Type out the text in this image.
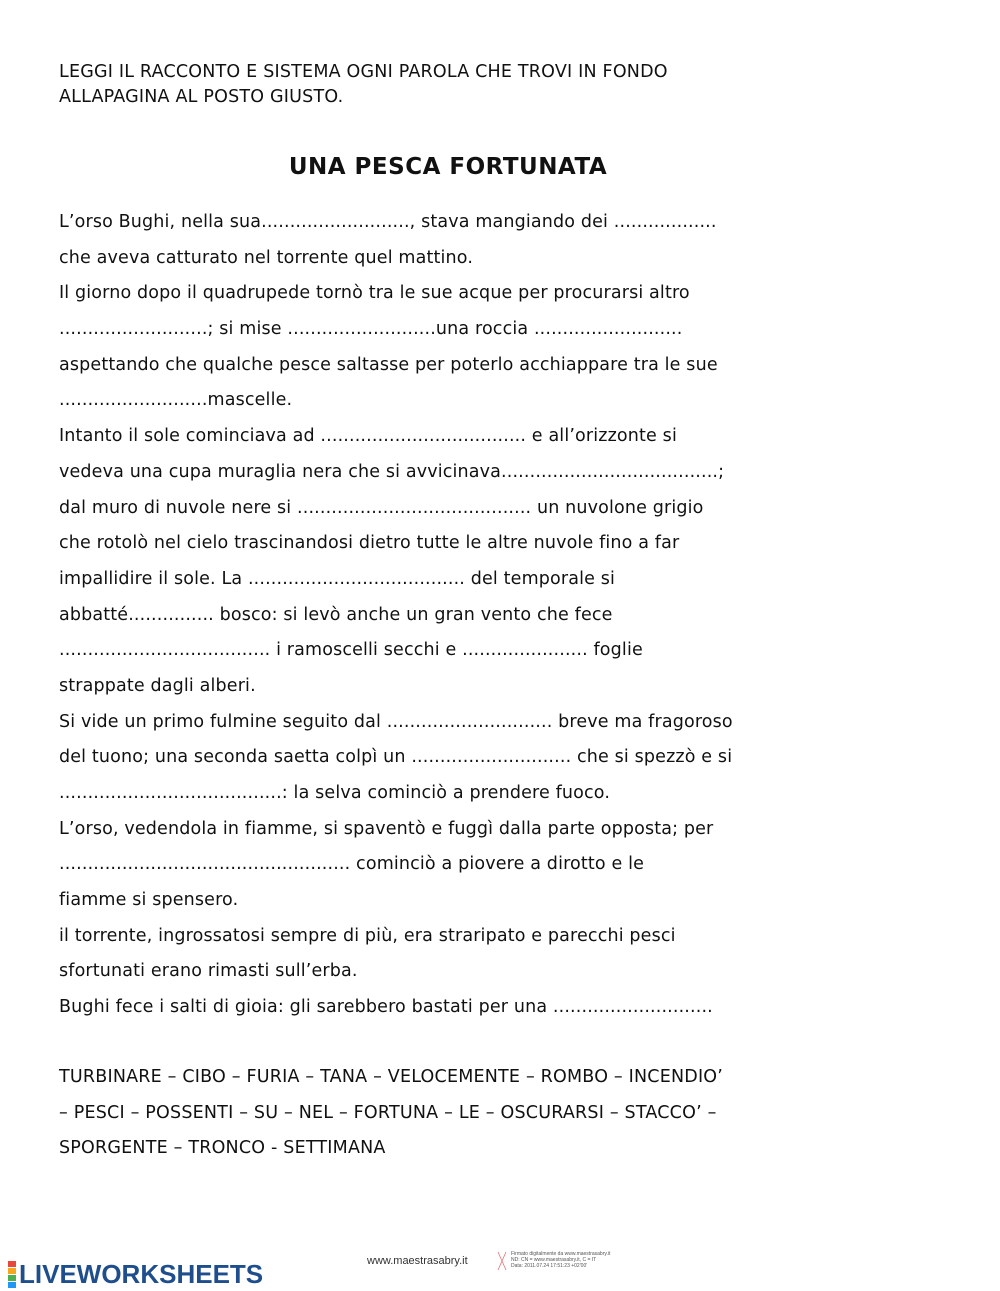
LEGGI IL RACCONTO E SISTEMA OGNI PAROLA CHE TROVI IN FONDO
ALLAPAGINA AL POSTO GIUSTO.
UNA PESCA FORTUNATA
L’orso Bughi, nella sua.........................., stava mangiando dei ..................
che aveva catturato nel torrente quel mattino.
Il giorno dopo il quadrupede tornò tra le sue acque per procurarsi altro
..........................; si mise ..........................una roccia ..........................
aspettando che qualche pesce saltasse per poterlo acchiappare tra le sue
..........................mascelle.
Intanto il sole cominciava ad .................................... e all’orizzonte si
vedeva una cupa muraglia nera che si avvicinava......................................;
dal muro di nuvole nere si ......................................... un nuvolone grigio
che rotolò nel cielo trascinandosi dietro tutte le altre nuvole fino a far
impallidire il sole. La ...................................... del temporale si
abbatté............... bosco: si levò anche un gran vento che fece
..................................... i ramoscelli secchi e ...................... foglie
strappate dagli alberi.
Si vide un primo fulmine seguito dal ............................. breve ma fragoroso
del tuono; una seconda saetta colpì un ............................ che si spezzò e si
.......................................: la selva cominciò a prendere fuoco.
L’orso, vedendola in fiamme, si spaventò e fuggì dalla parte opposta; per
................................................... cominciò a piovere a dirotto e le
fiamme si spensero.
il torrente, ingrossatosi sempre di più, era straripato e parecchi pesci
sfortunati erano rimasti sull’erba.
Bughi fece i salti di gioia: gli sarebbero bastati per una ............................
TURBINARE – CIBO – FURIA – TANA – VELOCEMENTE – ROMBO – INCENDIO’
– PESCI – POSSENTI – SU – NEL – FORTUNA – LE – OSCURARSI – STACCO’ –
SPORGENTE – TRONCO - SETTIMANA
LIVEWORKSHEETS	www.maestrasabry.it
Firmato digitalmente da www.maestrasabry.it
ND: CN = www.maestrasabry.it, C = IT
Data: 2011.07.24 17:51:23 +02'00'
